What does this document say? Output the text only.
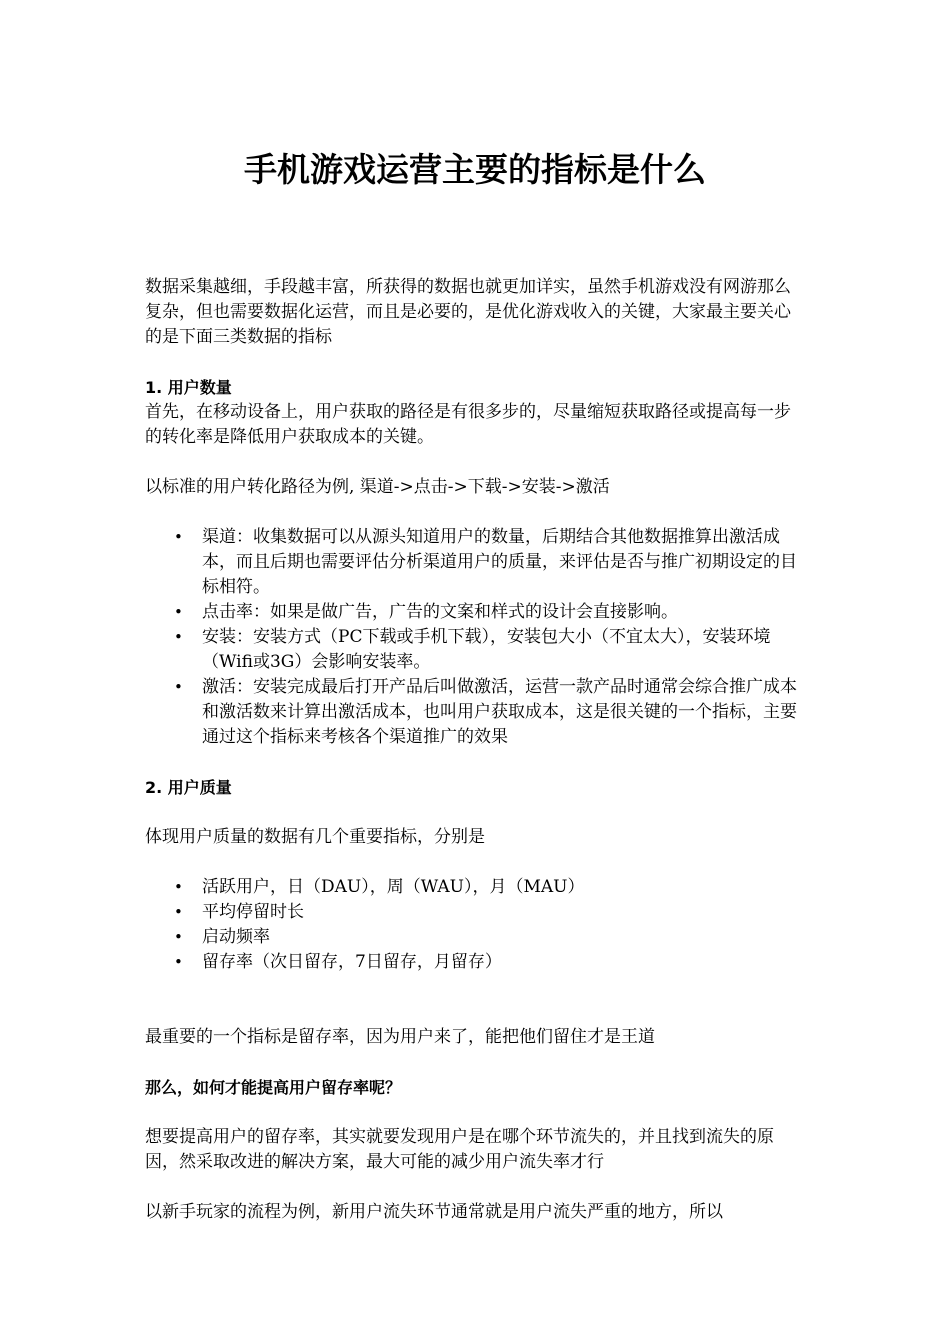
手机游戏运营主要的指标是什么

数据采集越细，手段越丰富，所获得的数据也就更加详实，虽然手机游戏没有网游那么复杂，但也需要数据化运营，而且是必要的，是优化游戏收入的关键，大家最主要关心的是下面三类数据的指标

1. 用户数量

首先，在移动设备上，用户获取的路径是有很多步的，尽量缩短获取路径或提高每一步的转化率是降低用户获取成本的关键。

以标准的用户转化路径为例, 渠道->点击->下载->安装->激活

• 渠道：收集数据可以从源头知道用户的数量，后期结合其他数据推算出激活成本，而且后期也需要评估分析渠道用户的质量，来评估是否与推广初期设定的目标相符。
• 点击率：如果是做广告，广告的文案和样式的设计会直接影响。
• 安装：安装方式（PC下载或手机下载），安装包大小（不宜太大），安装环境（Wifi或3G）会影响安装率。
• 激活：安装完成最后打开产品后叫做激活，运营一款产品时通常会综合推广成本和激活数来计算出激活成本，也叫用户获取成本，这是很关键的一个指标，主要通过这个指标来考核各个渠道推广的效果

2. 用户质量

体现用户质量的数据有几个重要指标，分别是

• 活跃用户，日（DAU），周（WAU），月（MAU）
• 平均停留时长
• 启动频率
• 留存率（次日留存，7日留存，月留存）

最重要的一个指标是留存率，因为用户来了，能把他们留住才是王道

那么，如何才能提高用户留存率呢？

想要提高用户的留存率，其实就要发现用户是在哪个环节流失的，并且找到流失的原因，然采取改进的解决方案，最大可能的减少用户流失率才行

以新手玩家的流程为例，新用户流失环节通常就是用户流失严重的地方，所以
